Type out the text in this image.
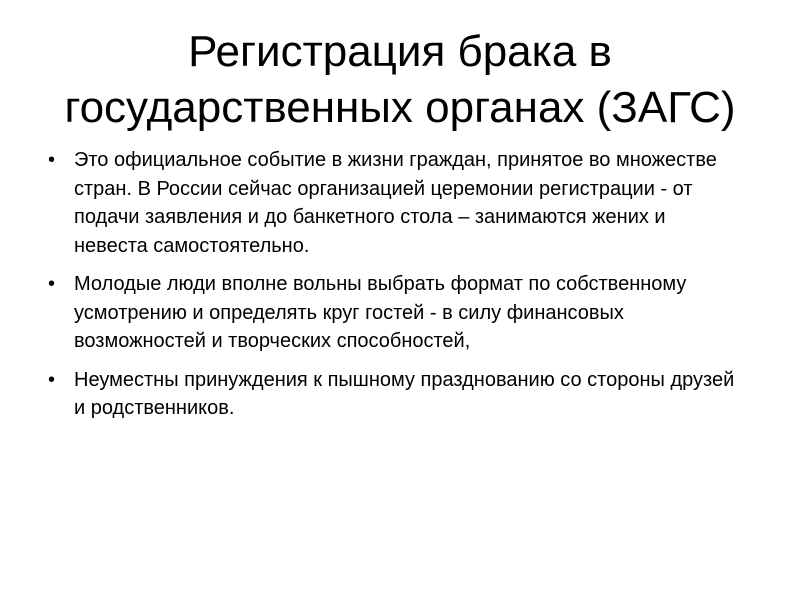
Регистрация брака в государственных органах (ЗАГС)
• Это официальное событие в жизни граждан, принятое во множестве стран. В России сейчас организацией церемонии регистрации - от подачи заявления и до банкетного стола – занимаются жених и невеста самостоятельно.
• Молодые люди вполне вольны выбрать формат по собственному усмотрению и определять круг гостей - в силу финансовых возможностей и творческих способностей,
• Неуместны принуждения к пышному празднованию со стороны друзей и родственников.
